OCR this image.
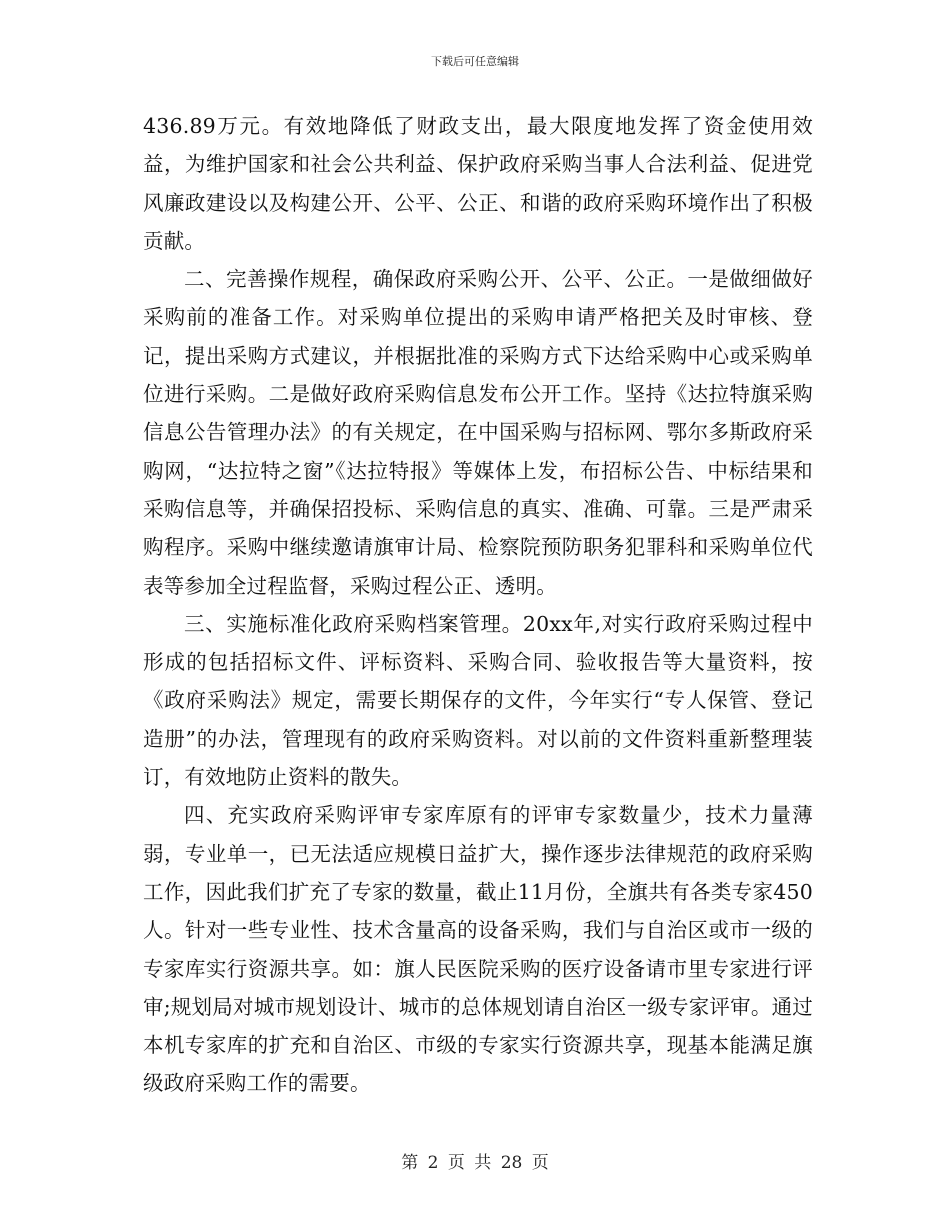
下载后可任意编辑

436.89万元。有效地降低了财政支出，最大限度地发挥了资金使用效益，为维护国家和社会公共利益、保护政府采购当事人合法利益、促进党风廉政建设以及构建公开、公平、公正、和谐的政府采购环境作出了积极贡献。

二、完善操作规程，确保政府采购公开、公平、公正。一是做细做好采购前的准备工作。对采购单位提出的采购申请严格把关及时审核、登记，提出采购方式建议，并根据批准的采购方式下达给采购中心或采购单位进行采购。二是做好政府采购信息发布公开工作。坚持《达拉特旗采购信息公告管理办法》的有关规定，在中国采购与招标网、鄂尔多斯政府采购网，“达拉特之窗”《达拉特报》等媒体上发，布招标公告、中标结果和采购信息等，并确保招投标、采购信息的真实、准确、可靠。三是严肃采购程序。采购中继续邀请旗审计局、检察院预防职务犯罪科和采购单位代表等参加全过程监督，采购过程公正、透明。

三、实施标准化政府采购档案管理。20xx年,对实行政府采购过程中形成的包括招标文件、评标资料、采购合同、验收报告等大量资料，按《政府采购法》规定，需要长期保存的文件，今年实行“专人保管、登记造册”的办法，管理现有的政府采购资料。对以前的文件资料重新整理装订，有效地防止资料的散失。

四、充实政府采购评审专家库原有的评审专家数量少，技术力量薄弱，专业单一，已无法适应规模日益扩大，操作逐步法律规范的政府采购工作，因此我们扩充了专家的数量，截止11月份，全旗共有各类专家450人。针对一些专业性、技术含量高的设备采购，我们与自治区或市一级的专家库实行资源共享。如：旗人民医院采购的医疗设备请市里专家进行评审;规划局对城市规划设计、城市的总体规划请自治区一级专家评审。通过本机专家库的扩充和自治区、市级的专家实行资源共享，现基本能满足旗级政府采购工作的需要。

第 2 页 共 28 页
